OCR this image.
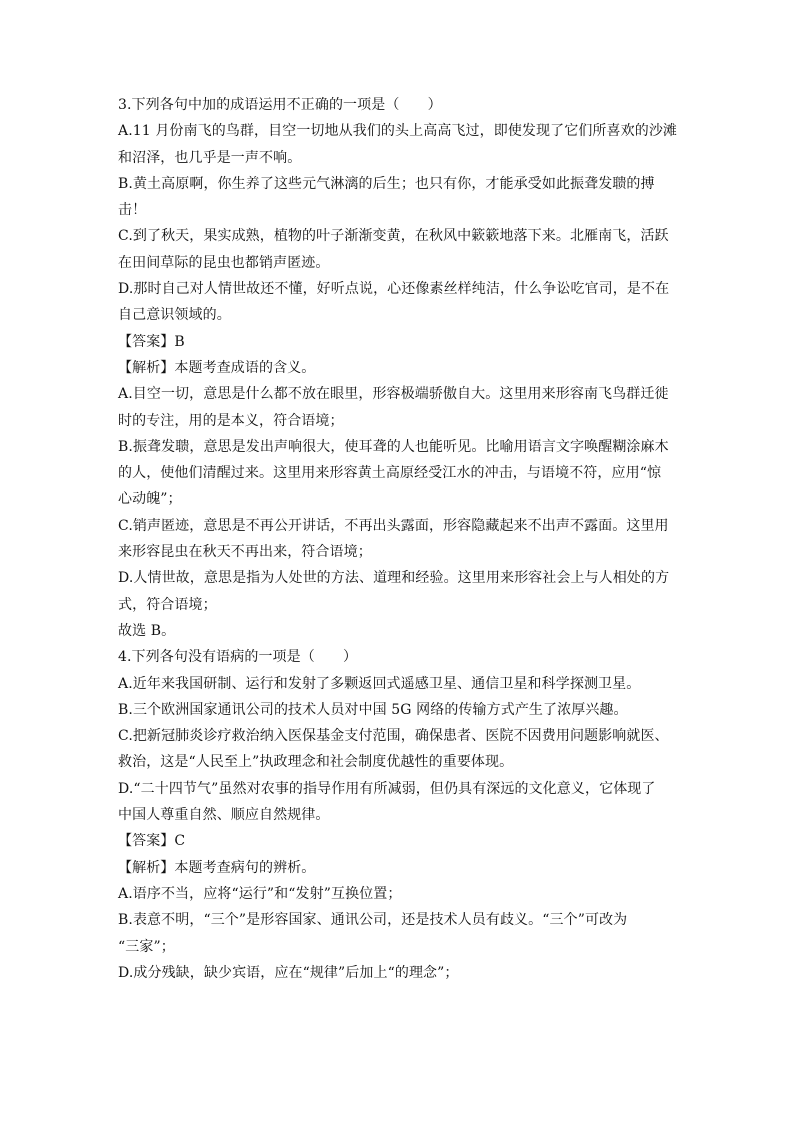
3.下列各句中加的成语运用不正确的一项是（　　）
A.11 月份南飞的鸟群，目空一切地从我们的头上高高飞过，即使发现了它们所喜欢的沙滩
和沼泽，也几乎是一声不响。
B.黄土高原啊，你生养了这些元气淋漓的后生；也只有你，才能承受如此振聋发聩的搏
击！
C.到了秋天，果实成熟，植物的叶子渐渐变黄，在秋风中簌簌地落下来。北雁南飞，活跃
在田间草际的昆虫也都销声匿迹。
D.那时自己对人情世故还不懂，好听点说，心还像素丝样纯洁，什么争讼吃官司，是不在
自己意识领域的。
【答案】B
【解析】本题考查成语的含义。
A.目空一切，意思是什么都不放在眼里，形容极端骄傲自大。这里用来形容南飞鸟群迁徙
时的专注，用的是本义，符合语境；
B.振聋发聩，意思是发出声响很大，使耳聋的人也能听见。比喻用语言文字唤醒糊涂麻木
的人，使他们清醒过来。这里用来形容黄土高原经受江水的冲击，与语境不符，应用“惊
心动魄”；
C.销声匿迹，意思是不再公开讲话，不再出头露面，形容隐藏起来不出声不露面。这里用
来形容昆虫在秋天不再出来，符合语境；
D.人情世故，意思是指为人处世的方法、道理和经验。这里用来形容社会上与人相处的方
式，符合语境；
故选 B。
4.下列各句没有语病的一项是（　　）
A.近年来我国研制、运行和发射了多颗返回式遥感卫星、通信卫星和科学探测卫星。
B.三个欧洲国家通讯公司的技术人员对中国 5G 网络的传输方式产生了浓厚兴趣。
C.把新冠肺炎诊疗救治纳入医保基金支付范围，确保患者、医院不因费用问题影响就医、
救治，这是“人民至上”执政理念和社会制度优越性的重要体现。
D.“二十四节气”虽然对农事的指导作用有所减弱，但仍具有深远的文化意义，它体现了
中国人尊重自然、顺应自然规律。
【答案】C
【解析】本题考查病句的辨析。
A.语序不当，应将“运行”和“发射”互换位置；
B.表意不明，“三个”是形容国家、通讯公司，还是技术人员有歧义。“三个”可改为
“三家”；
D.成分残缺，缺少宾语，应在“规律”后加上“的理念”；
